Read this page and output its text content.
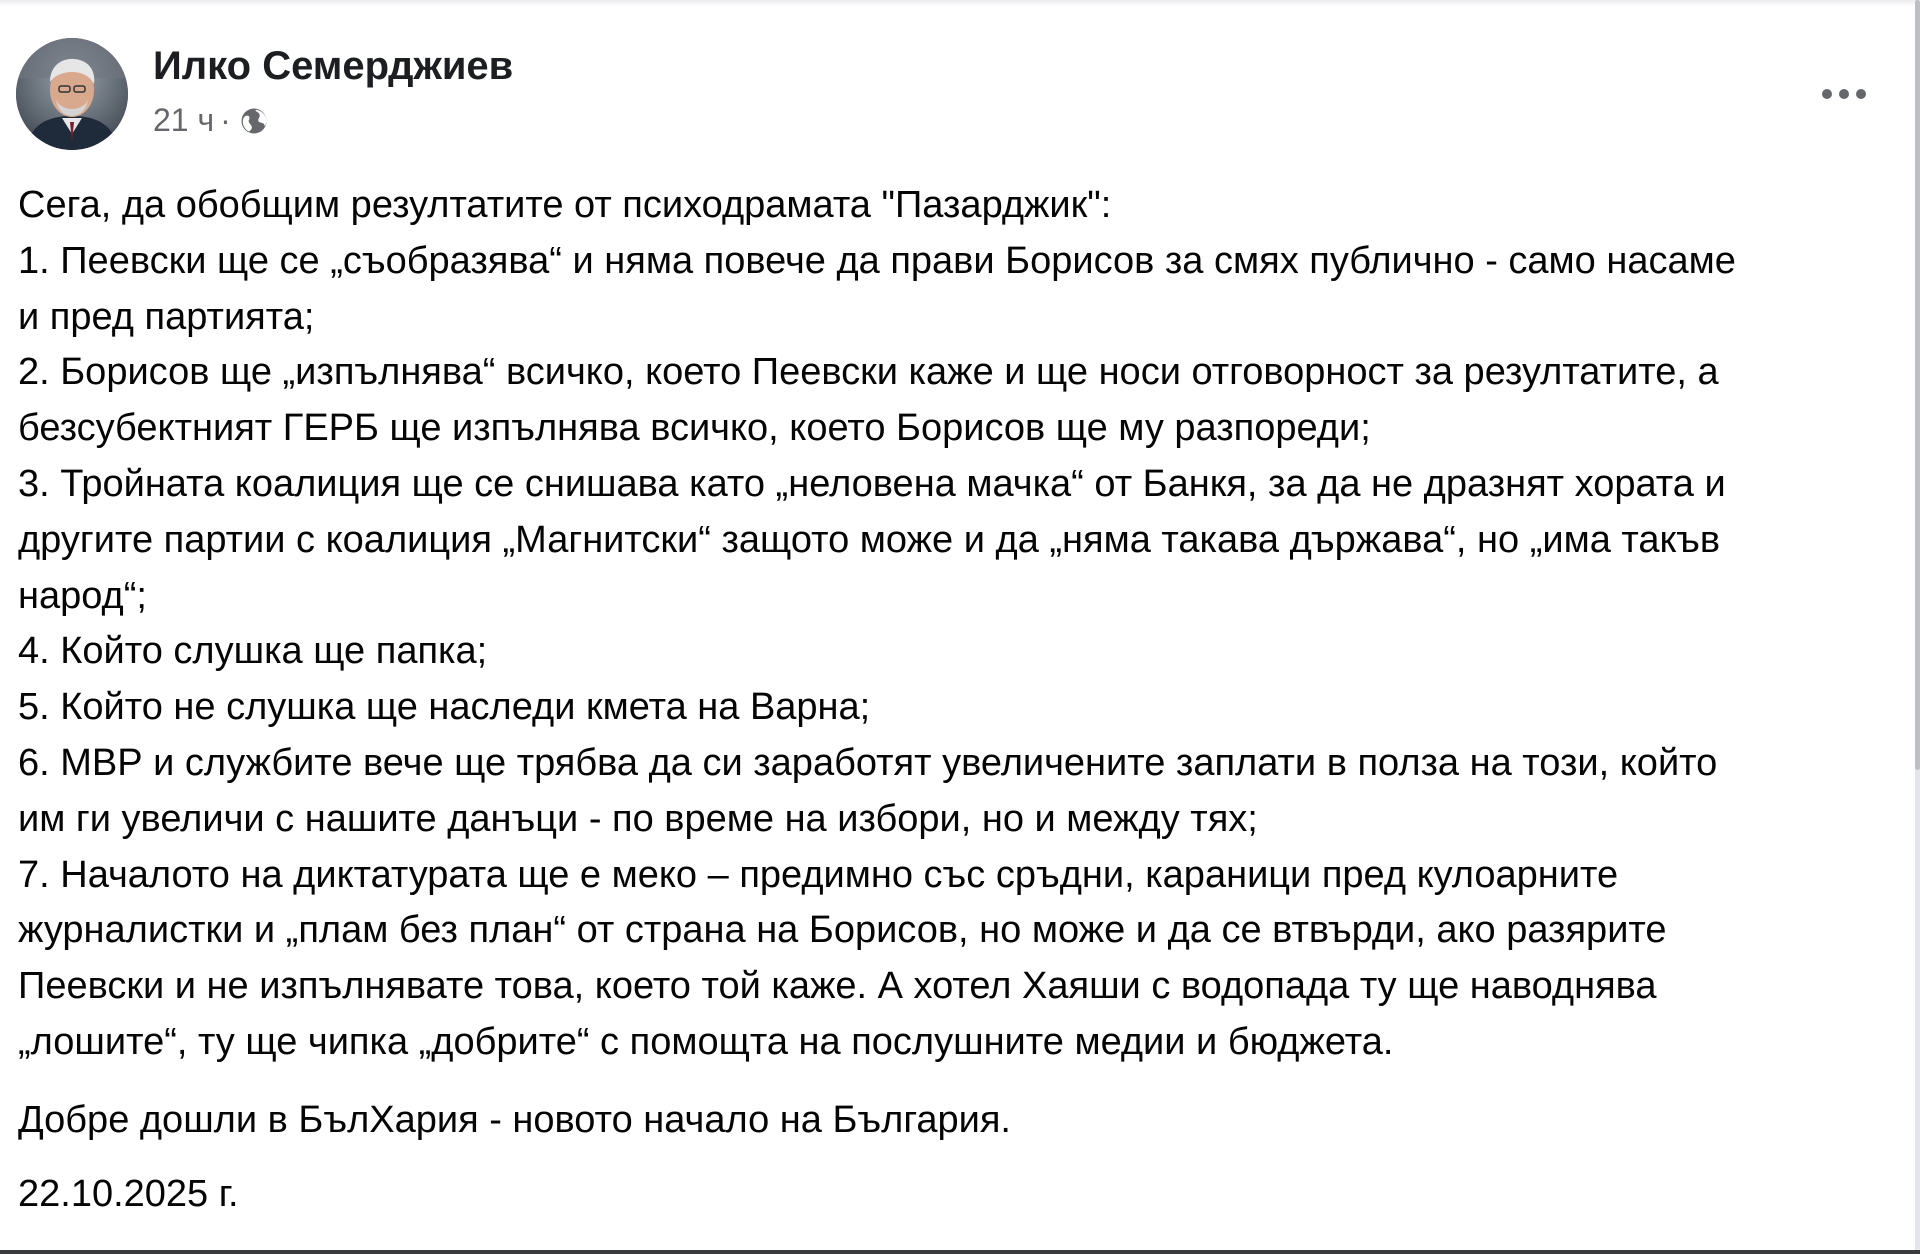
Илко Семерджиев
21 ч ·

Сега, да обобщим резултатите от психодрамата "Пазарджик":

1. Пеевски ще се „съобразява“ и няма повече да прави Борисов за смях публично - само насаме

и пред партията;

2. Борисов ще „изпълнява“ всичко, което Пеевски каже и ще носи отговорност за резултатите, а

безсубектният ГЕРБ ще изпълнява всичко, което Борисов ще му разпореди;

3. Тройната коалиция ще се снишава като „неловена мачка“ от Банкя, за да не дразнят хората и

другите партии с коалиция „Магнитски“ защото може и да „няма такава държава“, но „има такъв

народ“;

4. Който слушка ще папка;

5. Който не слушка ще наследи кмета на Варна;

6. МВР и службите вече ще трябва да си заработят увеличените заплати в полза на този, който

им ги увеличи с нашите данъци - по време на избори, но и между тях;

7. Началото на диктатурата ще е меко – предимно със сръдни, караници пред кулоарните

журналистки и „плам без план“ от страна на Борисов, но може и да се втвърди, ако разярите

Пеевски и не изпълнявате това, което той каже. А хотел Хаяши с водопада ту ще наводнява

„лошите“, ту ще чипка „добрите“ с помощта на послушните медии и бюджета.

Добре дошли в БълХария - новото начало на България.

22.10.2025 г.
